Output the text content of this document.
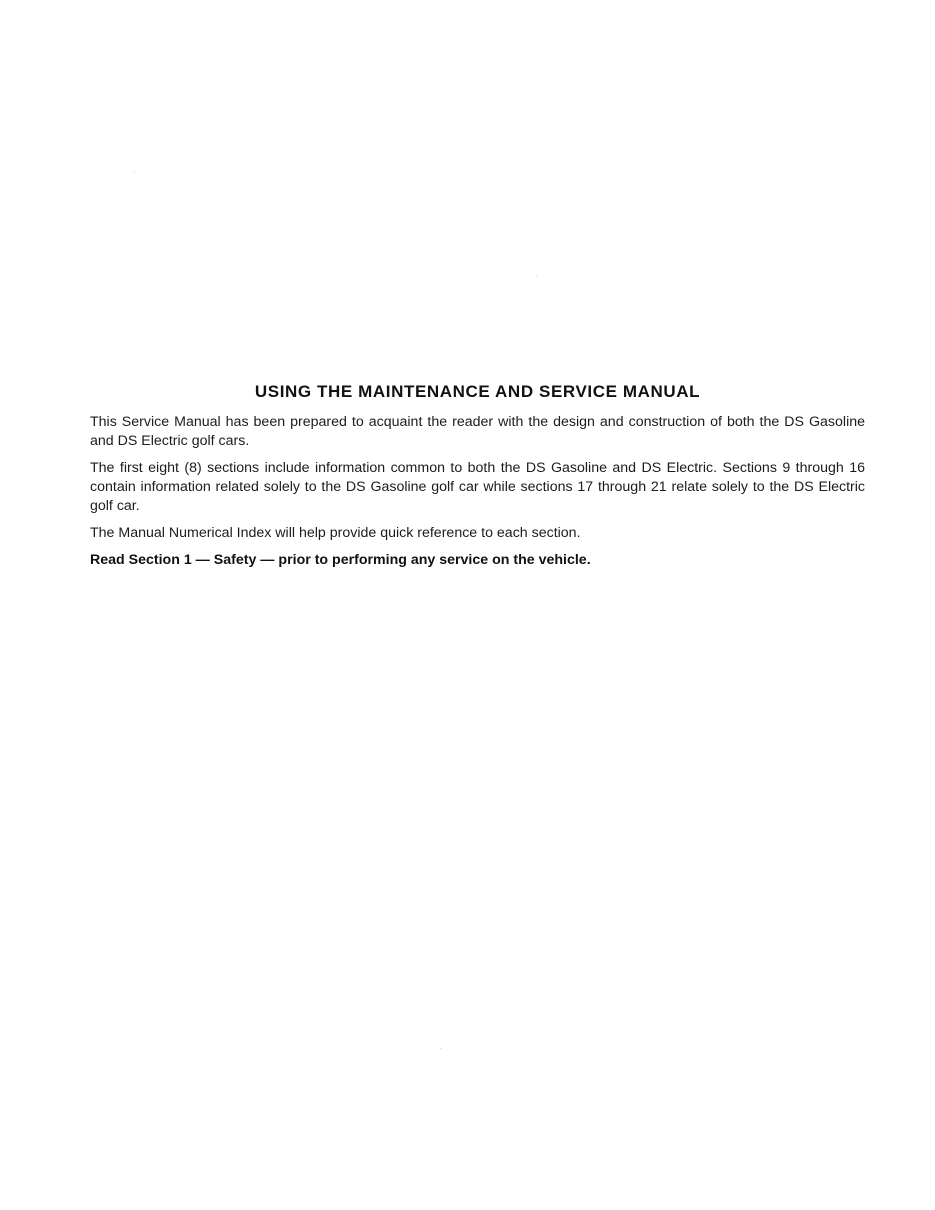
USING THE MAINTENANCE AND SERVICE MANUAL

This Service Manual has been prepared to acquaint the reader with the design and construction of both the DS Gasoline and DS Electric golf cars.

The first eight (8) sections include information common to both the DS Gasoline and DS Electric. Sections 9 through 16 contain information related solely to the DS Gasoline golf car while sections 17 through 21 relate solely to the DS Electric golf car.

The Manual Numerical Index will help provide quick reference to each section.

Read Section 1 — Safety — prior to performing any service on the vehicle.
